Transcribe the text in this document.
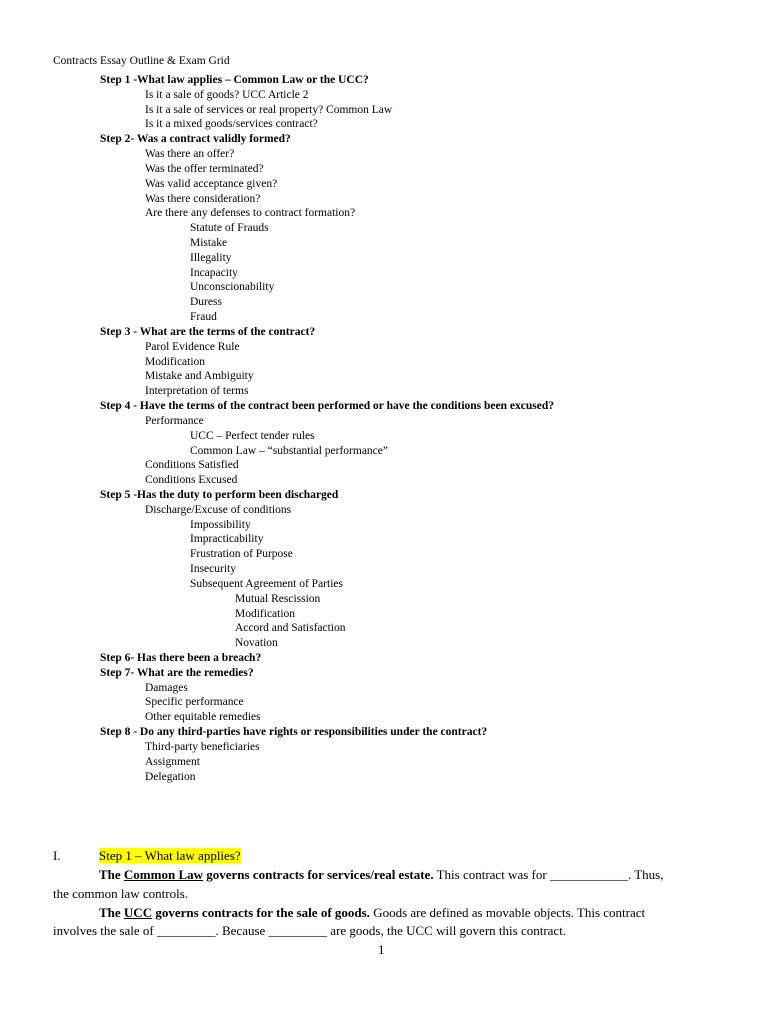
Contracts Essay Outline & Exam Grid
Step 1 -What law applies – Common Law or the UCC?
Is it a sale of goods? UCC Article 2
Is it a sale of services or real property? Common Law
Is it a mixed goods/services contract?
Step 2- Was a contract validly formed?
Was there an offer?
Was the offer terminated?
Was valid acceptance given?
Was there consideration?
Are there any defenses to contract formation?
Statute of Frauds
Mistake
Illegality
Incapacity
Unconscionability
Duress
Fraud
Step 3 - What are the terms of the contract?
Parol Evidence Rule
Modification
Mistake and Ambiguity
Interpretation of terms
Step 4 - Have the terms of the contract been performed or have the conditions been excused?
Performance
UCC – Perfect tender rules
Common Law – “substantial performance”
Conditions Satisfied
Conditions Excused
Step 5 -Has the duty to perform been discharged
Discharge/Excuse of conditions
Impossibility
Impracticability
Frustration of Purpose
Insecurity
Subsequent Agreement of Parties
Mutual Rescission
Modification
Accord and Satisfaction
Novation
Step 6- Has there been a breach?
Step 7- What are the remedies?
Damages
Specific performance
Other equitable remedies
Step 8 - Do any third-parties have rights or responsibilities under the contract?
Third-party beneficiaries
Assignment
Delegation
I.	Step 1 – What law applies?
The Common Law governs contracts for services/real estate. This contract was for ____________. Thus,
the common law controls.
The UCC governs contracts for the sale of goods. Goods are defined as movable objects. This contract
involves the sale of _________. Because _________ are goods, the UCC will govern this contract.
1
